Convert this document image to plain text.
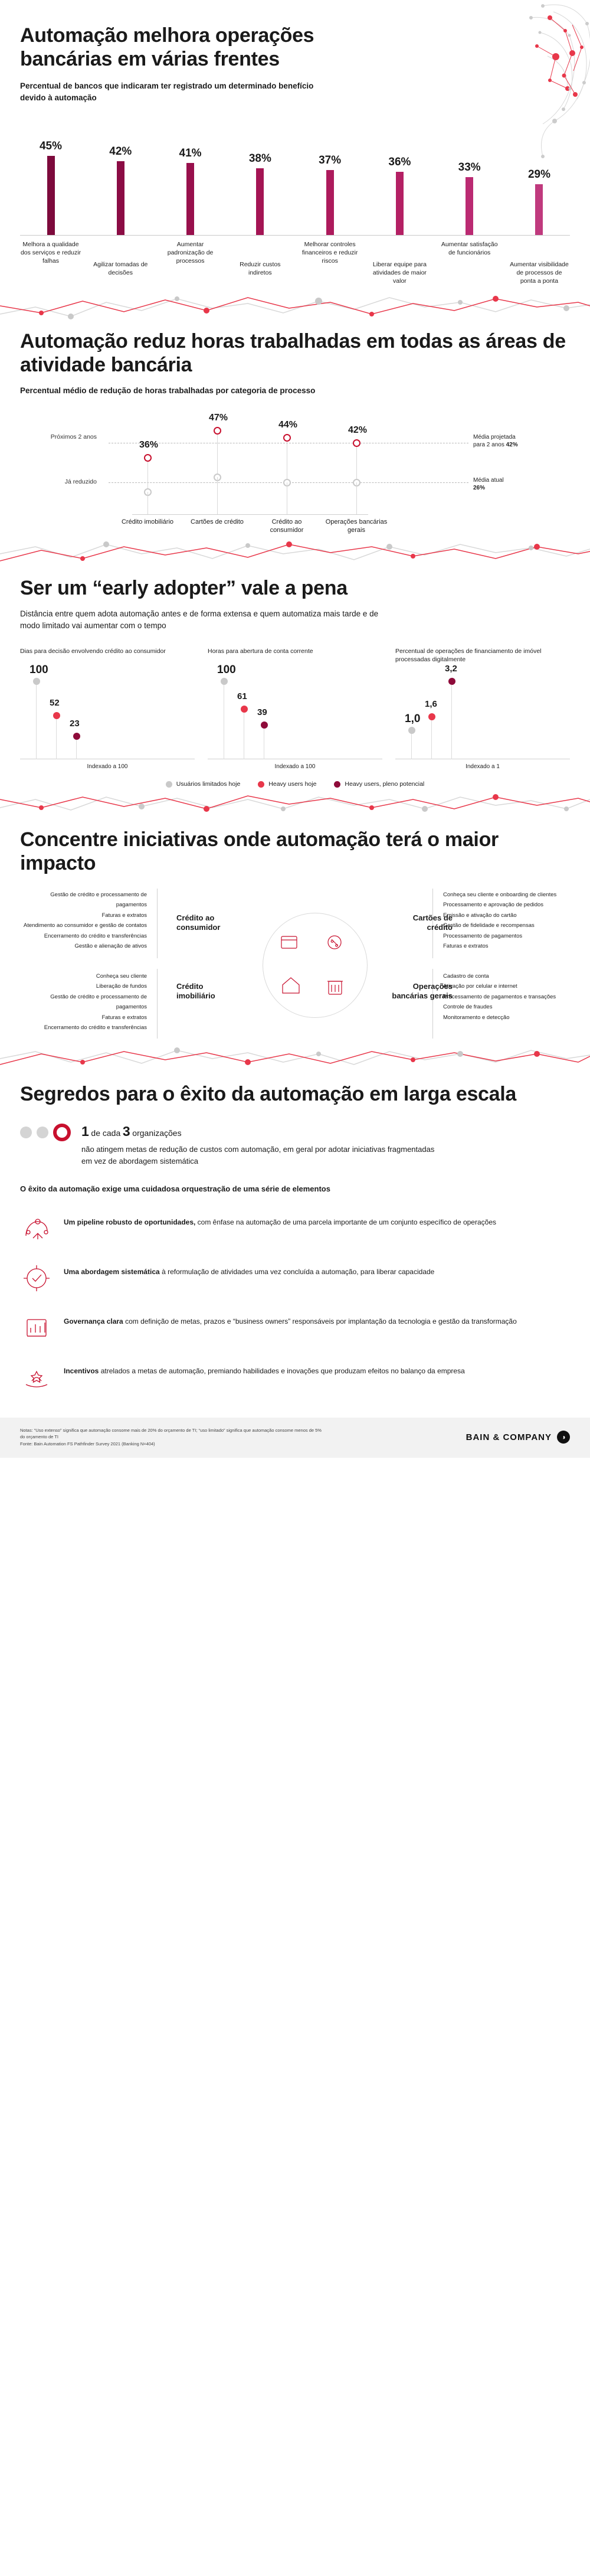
Automação melhora operações bancárias em várias frentes

Percentual de bancos que indicaram ter registrado um determinado benefício devido à automação

45%	42%	41%	38%	37%	36%	33%
29%
Melhora a qualidade dos serviços e reduzir falhas
Agilizar tomadas de decisões
Aumentar padronização de processos
Reduzir custos indiretos
Melhorar controles financeiros e reduzir riscos
Liberar equipe para atividades de maior valor
Aumentar satisfação de funcionários
Aumentar visibilidade de processos de ponta a ponta
Automação reduz horas trabalhadas em todas as áreas de atividade bancária

Percentual médio de redução de horas trabalhadas por categoria de processo

Próximos 2 anos
Já reduzido
Média projetada
para 2 anos 42%
Média atual
26%
36%
Crédito imobiliário
47%
Cartões de crédito
44%
Crédito ao consumidor
42%
Operações bancárias gerais
Ser um “early adopter” vale a pena

Distância entre quem adota automação antes e de forma extensa e quem automatiza mais tarde e de modo limitado vai aumentar com o tempo

Dias para decisão envolvendo crédito ao consumidor
100
52
23
Indexado a 100
Horas para abertura de conta corrente
100
61
39
Indexado a 100
Percentual de operações de financiamento de imóvel processadas digitalmente
1,0
1,6
3,2
Indexado a 1
Usuários limitados hoje	Heavy users hoje	Heavy users, pleno potencial
Concentre iniciativas onde automação terá o maior impacto
Gestão de crédito e processamento de pagamentos
Faturas e extratos
Atendimento ao consumidor e gestão de contatos
Encerramento do crédito e transferências
Gestão e alienação de ativos
Conheça seu cliente
Liberação de fundos
Gestão de crédito e processamento de pagamentos
Faturas e extratos
Encerramento do crédito e transferências
Conheça seu cliente e onboarding de clientes
Processamento e aprovação de pedidos
Emissão e ativação do cartão
Gestão de fidelidade e recompensas
Processamento de pagamentos
Faturas e extratos
Cadastro de conta
Ativação por celular e internet
Processamento de pagamentos e transações
Controle de fraudes
Monitoramento e detecção
Crédito ao consumidor
Cartões de crédito
Crédito imobiliário
Operações bancárias gerais
Segredos para o êxito da automação em larga escala
1 de cada 3 organizações
não atingem metas de redução de custos com automação, em geral por adotar iniciativas fragmentadas em vez de abordagem sistemática
O êxito da automação exige uma cuidadosa orquestração de uma série de elementos
Um pipeline robusto de oportunidades, com ênfase na automação de uma parcela importante de um conjunto específico de operações
Uma abordagem sistemática à reformulação de atividades uma vez concluída a automação, para liberar capacidade
Governança clara com definição de metas, prazos e “business owners” responsáveis por implantação da tecnologia e gestão da transformação
Incentivos atrelados a metas de automação, premiando habilidades e inovações que produzam efeitos no balanço da empresa
Notas: “Uso extenso” significa que automação consome mais de 20% do orçamento de TI; “uso limitado” significa que automação consome menos de 5% do orçamento de TI
Fonte: Bain Automation FS Pathfinder Survey 2021 (Banking N=404)
BAIN & COMPANY	◑
